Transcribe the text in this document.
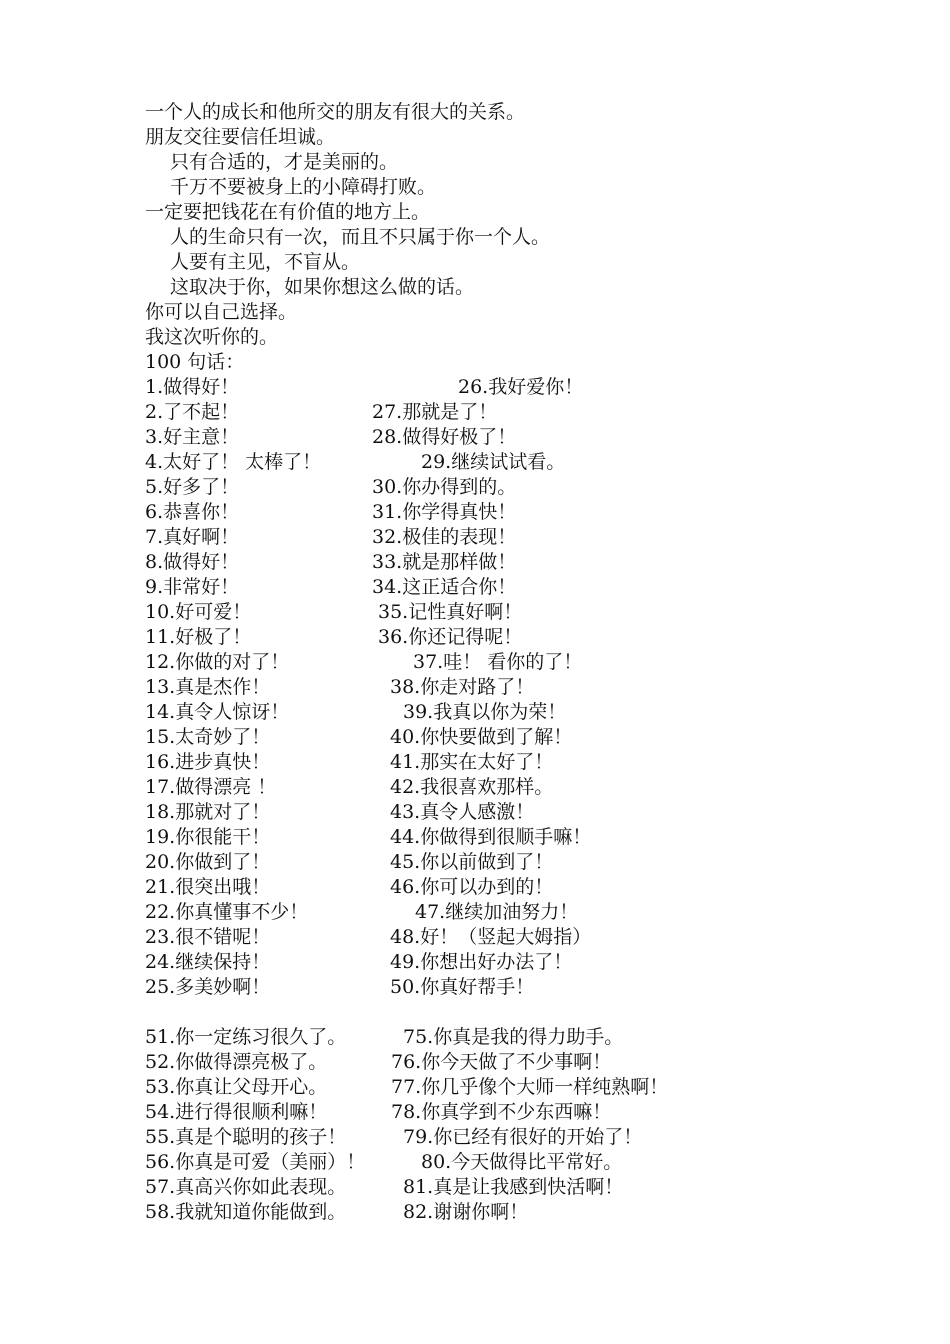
一个人的成长和他所交的朋友有很大的关系。
朋友交往要信任坦诚。
只有合适的，才是美丽的。
千万不要被身上的小障碍打败。
一定要把钱花在有价值的地方上。
人的生命只有一次，而且不只属于你一个人。
人要有主见，不盲从。
这取决于你，如果你想这么做的话。
你可以自己选择。
我这次听你的。
100 句话：
1.做得好！
2.了不起！
3.好主意！
4.太好了！ 太棒了！
5.好多了！
6.恭喜你！
7.真好啊！
8.做得好！
9.非常好！
10.好可爱！
11.好极了！
12.你做的对了！
13.真是杰作！
14.真令人惊讶！
15.太奇妙了！
16.进步真快！
17.做得漂亮 ！
18.那就对了！
19.你很能干！
20.你做到了！
21.很突出哦！
22.你真懂事不少！
23.很不错呢！
24.继续保持！
25.多美妙啊！
26.我好爱你！
27.那就是了！
28.做得好极了！
29.继续试试看。
30.你办得到的。
31.你学得真快！
32.极佳的表现！
33.就是那样做！
34.这正适合你！
35.记性真好啊！
36.你还记得呢！
37.哇！ 看你的了！
38.你走对路了！
39.我真以你为荣！
40.你快要做到了解！
41.那实在太好了！
42.我很喜欢那样。
43.真令人感激！
44.你做得到很顺手嘛！
45.你以前做到了！
46.你可以办到的！
47.继续加油努力！
48.好！（竖起大姆指）
49.你想出好办法了！
50.你真好帮手！
51.你一定练习很久了。
52.你做得漂亮极了。
53.你真让父母开心。
54.进行得很顺利嘛！
55.真是个聪明的孩子！
56.你真是可爱（美丽）！
57.真高兴你如此表现。
58.我就知道你能做到。
75.你真是我的得力助手。
76.你今天做了不少事啊！
77.你几乎像个大师一样纯熟啊！
78.你真学到不少东西嘛！
79.你已经有很好的开始了！
80.今天做得比平常好。
81.真是让我感到快活啊！
82.谢谢你啊！
